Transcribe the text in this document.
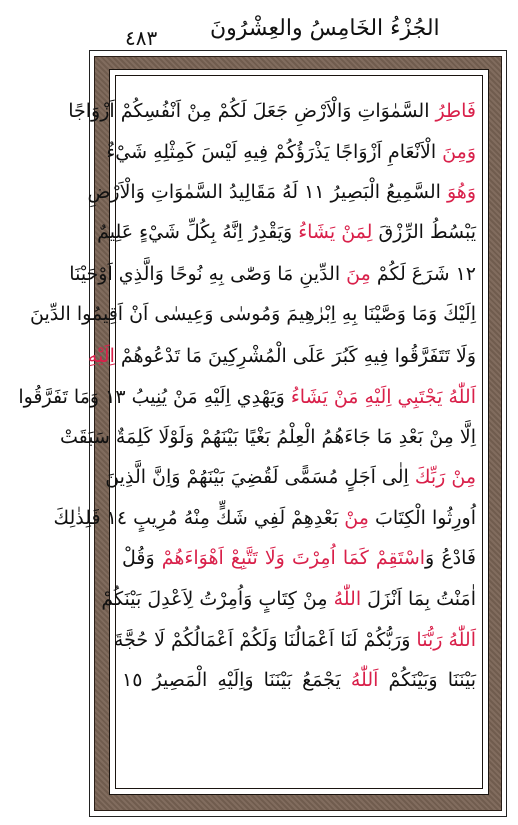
٤٨٣ الجُزْءُ الخَامِسُ والعِشْرُونَ
فَاطِرُ السَّمٰوَاتِ وَالْاَرْضِ جَعَلَ لَكُمْ مِنْ اَنْفُسِكُمْ اَزْوَاجًا
وَمِنَ الْاَنْعَامِ اَزْوَاجًا يَذْرَؤُكُمْ فِيهِ لَيْسَ كَمِثْلِهِ شَيْءٌ
وَهُوَ السَّمِيعُ الْبَصِيرُ ١١ لَهُ مَقَالِيدُ السَّمٰوَاتِ وَالْاَرْضِ
يَبْسُطُ الرِّزْقَ لِمَنْ يَشَاءُ وَيَقْدِرُ اِنَّهُ بِكُلِّ شَيْءٍ عَلِيمٌ
١٢ شَرَعَ لَكُمْ مِنَ الدِّينِ مَا وَصّٰى بِهِ نُوحًا وَالَّذِي اَوْحَيْنَا
اِلَيْكَ وَمَا وَصَّيْنَا بِهِ اِبْرٰهِيمَ وَمُوسٰى وَعِيسٰى اَنْ اَقِيمُوا الدِّينَ
وَلَا تَتَفَرَّقُوا فِيهِ كَبُرَ عَلَى الْمُشْرِكِينَ مَا تَدْعُوهُمْ اِلَيْهِ
اَللّٰهُ يَجْتَبِي اِلَيْهِ مَنْ يَشَاءُ وَيَهْدِي اِلَيْهِ مَنْ يُنِيبُ ١٣ وَمَا تَفَرَّقُوا
اِلَّا مِنْ بَعْدِ مَا جَاءَهُمُ الْعِلْمُ بَغْيًا بَيْنَهُمْ وَلَوْلَا كَلِمَةٌ سَبَقَتْ
مِنْ رَبِّكَ اِلٰى اَجَلٍ مُسَمًّى لَقُضِيَ بَيْنَهُمْ وَاِنَّ الَّذِينَ
اُورِثُوا الْكِتَابَ مِنْ بَعْدِهِمْ لَفِي شَكٍّ مِنْهُ مُرِيبٍ ١٤ فَلِذٰلِكَ
فَادْعُ وَاسْتَقِمْ كَمَا اُمِرْتَ وَلَا تَتَّبِعْ اَهْوَاءَهُمْ وَقُلْ
اٰمَنْتُ بِمَا اَنْزَلَ اللّٰهُ مِنْ كِتَابٍ وَاُمِرْتُ لِاَعْدِلَ بَيْنَكُمْ
اَللّٰهُ رَبُّنَا وَرَبُّكُمْ لَنَا اَعْمَالُنَا وَلَكُمْ اَعْمَالُكُمْ لَا حُجَّةَ
بَيْنَنَا وَبَيْنَكُمْ اَللّٰهُ يَجْمَعُ بَيْنَنَا وَاِلَيْهِ الْمَصِيرُ ١٥
